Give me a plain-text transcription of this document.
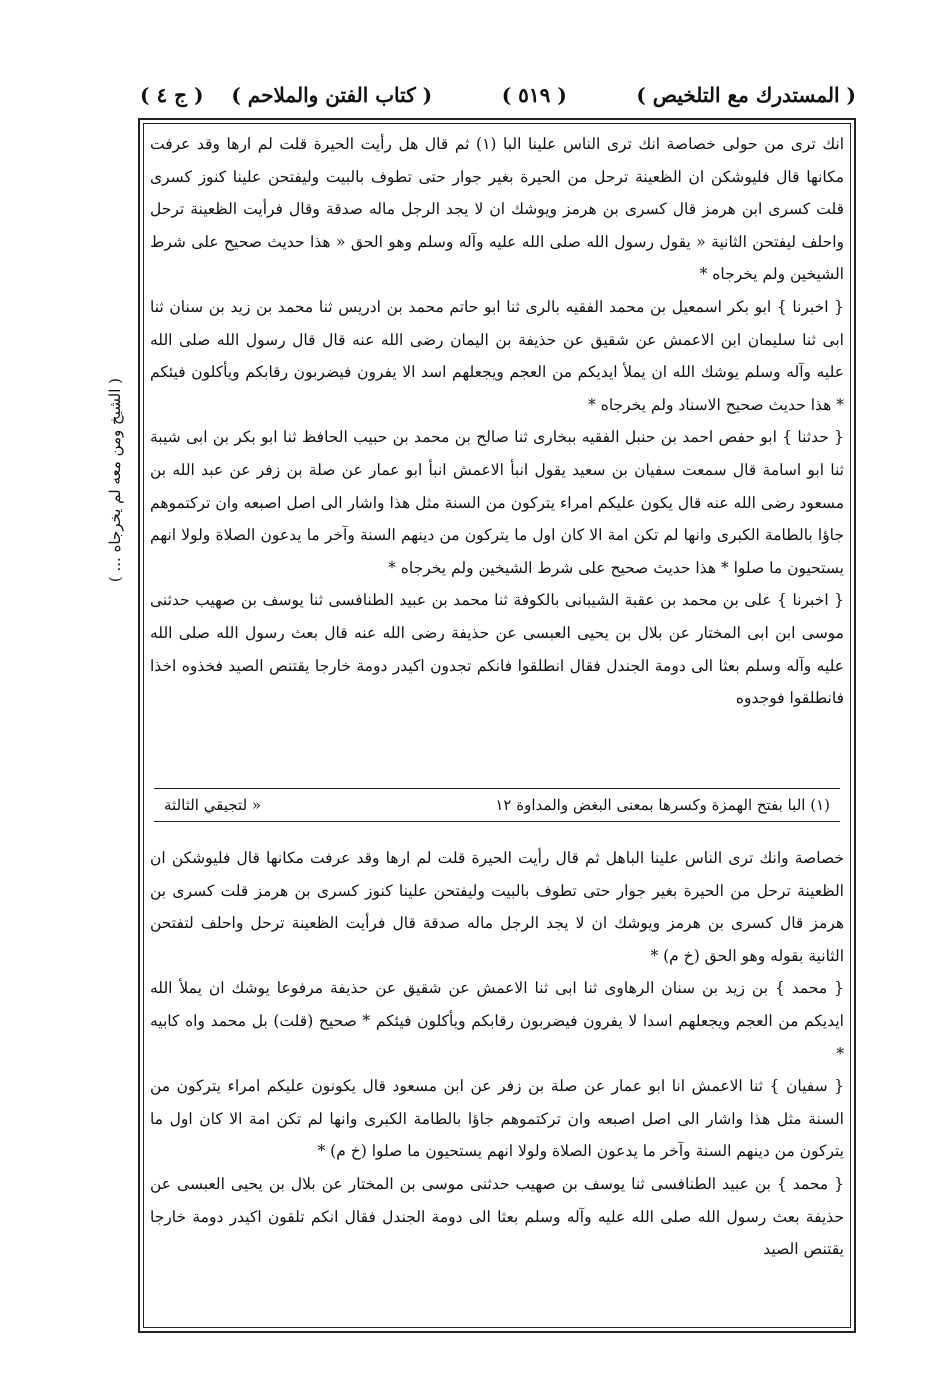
( المستدرك مع التلخيص )
( ٥١٩ )
( كتاب الفتن والملاحم )    ( ج ٤ )
( الشيخ ومن معه لم يخرجاه ... )

انك ترى من حولى خصاصة انك ترى الناس علينا البا (١) ثم قال هل رأيت الحيرة قلت لم ارها وقد عرفت مكانها قال فليوشكن ان الظعينة ترحل من الحيرة بغير جوار حتى تطوف بالبيت وليفتحن علينا كنوز كسرى قلت كسرى ابن هرمز قال كسرى بن هرمز ويوشك ان لا يجد الرجل ماله صدقة وقال فرأيت الظعينة ترحل واحلف ليفتحن الثانية « يقول رسول الله صلى الله عليه وآله وسلم وهو الحق « هذا حديث صحيح على شرط الشيخين ولم يخرجاه *

{ اخبرنا } ابو بكر اسمعيل بن محمد الفقيه بالرى ثنا ابو حاتم محمد بن ادريس ثنا محمد بن زيد بن سنان ثنا ابى ثنا سليمان ابن الاعمش عن شقيق عن حذيفة بن اليمان رضى الله عنه قال قال رسول الله صلى الله عليه وآله وسلم يوشك الله ان يملأ ايديكم من العجم ويجعلهم اسد الا يفرون فيضربون رقابكم ويأكلون فيئكم * هذا حديث صحيح الاسناد ولم يخرجاه *

{ حدثنا } ابو حفص احمد بن حنبل الفقيه ببخارى ثنا صالح بن محمد بن حبيب الحافظ ثنا ابو بكر بن ابى شيبة ثنا ابو اسامة قال سمعت سفيان بن سعيد يقول انبأ الاعمش انبأ ابو عمار عن صلة بن زفر عن عبد الله بن مسعود رضى الله عنه قال يكون عليكم امراء يتركون من السنة مثل هذا واشار الى اصل اصبعه وان تركتموهم جاؤا بالطامة الكبرى وانها لم تكن امة الا كان اول ما يتركون من دينهم السنة وآخر ما يدعون الصلاة ولولا انهم يستحيون ما صلوا * هذا حديث صحيح على شرط الشيخين ولم يخرجاه *

{ اخبرنا } على بن محمد بن عقبة الشيبانى بالكوفة ثنا محمد بن عبيد الطنافسى ثنا يوسف بن صهيب حدثنى موسى ابن ابى المختار عن بلال بن يحيى العبسى عن حذيفة رضى الله عنه قال بعث رسول الله صلى الله عليه وآله وسلم بعثا الى دومة الجندل فقال انطلقوا فانكم تجدون اكيدر دومة خارجا يقتنص الصيد فخذوه اخذا فانطلقوا فوجدوه

(١) البا بفتح الهمزة وكسرها بمعنى البغض والمداوة ١٢
« لتجيقي الثالثة

خصاصة وانك ترى الناس علينا الباهل ثم قال رأيت الحيرة قلت لم ارها وقد عرفت مكانها قال فليوشكن ان الظعينة ترحل من الحيرة بغير جوار حتى تطوف بالبيت وليفتحن علينا كنوز كسرى بن هرمز قلت كسرى بن هرمز قال كسرى بن هرمز ويوشك ان لا يجد الرجل ماله صدقة قال فرأيت الظعينة ترحل واحلف لتفتحن الثانية بقوله وهو الحق (خ م) *

{ محمد } بن زيد بن سنان الرهاوى ثنا ابى ثنا الاعمش عن شقيق عن حذيفة مرفوعا يوشك ان يملأ الله ايديكم من العجم ويجعلهم اسدا لا يفرون فيضربون رقابكم ويأكلون فيئكم * صحيح (قلت) بل محمد واه كابيه *

{ سفيان } ثنا الاعمش انا ابو عمار عن صلة بن زفر عن ابن مسعود قال يكونون عليكم امراء يتركون من السنة مثل هذا واشار الى اصل اصبعه وان تركتموهم جاؤا بالطامة الكبرى وانها لم تكن امة الا كان اول ما يتركون من دينهم السنة وآخر ما يدعون الصلاة ولولا انهم يستحيون ما صلوا (خ م) *

{ محمد } بن عبيد الطنافسى ثنا يوسف بن صهيب حدثنى موسى بن المختار عن بلال بن يحيى العبسى عن حذيفة بعث رسول الله صلى الله عليه وآله وسلم بعثا الى دومة الجندل فقال انكم تلقون اكيدر دومة خارجا يقتنص الصيد
